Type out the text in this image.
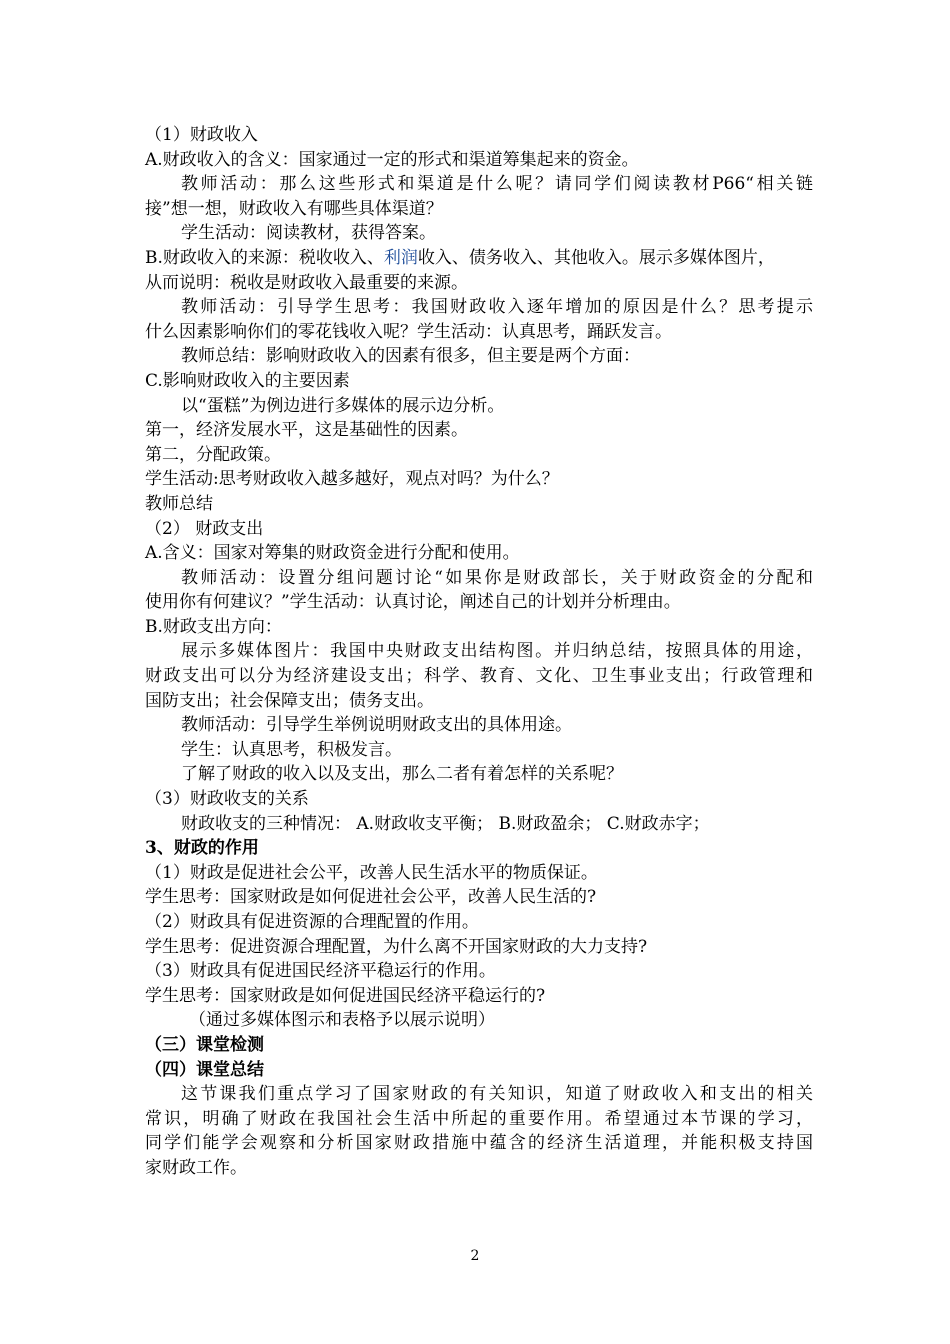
（1）财政收入
A.财政收入的含义：国家通过一定的形式和渠道筹集起来的资金。
教师活动：那么这些形式和渠道是什么呢？请同学们阅读教材P66“相关链
接”想一想，财政收入有哪些具体渠道？
学生活动：阅读教材，获得答案。
B.财政收入的来源：税收收入、利润收入、债务收入、其他收入。展示多媒体图片，
从而说明：税收是财政收入最重要的来源。
教师活动：引导学生思考：我国财政收入逐年增加的原因是什么？思考提示
什么因素影响你们的零花钱收入呢？学生活动：认真思考，踊跃发言。
教师总结：影响财政收入的因素有很多，但主要是两个方面：
C.影响财政收入的主要因素
以“蛋糕”为例边进行多媒体的展示边分析。
第一，经济发展水平，这是基础性的因素。
第二，分配政策。
学生活动:思考财政收入越多越好，观点对吗？为什么？
教师总结
（2） 财政支出
A.含义：国家对筹集的财政资金进行分配和使用。
教师活动：设置分组问题讨论“如果你是财政部长，关于财政资金的分配和
使用你有何建议？”学生活动：认真讨论，阐述自己的计划并分析理由。
B.财政支出方向：
展示多媒体图片：我国中央财政支出结构图。并归纳总结，按照具体的用途，
财政支出可以分为经济建设支出；科学、教育、文化、卫生事业支出；行政管理和
国防支出；社会保障支出；债务支出。
教师活动：引导学生举例说明财政支出的具体用途。
学生：认真思考，积极发言。
了解了财政的收入以及支出，那么二者有着怎样的关系呢？
（3）财政收支的关系
财政收支的三种情况： A.财政收支平衡； B.财政盈余； C.财政赤字；
3、财政的作用
（1）财政是促进社会公平，改善人民生活水平的物质保证。
学生思考：国家财政是如何促进社会公平，改善人民生活的?
（2）财政具有促进资源的合理配置的作用。
学生思考：促进资源合理配置，为什么离不开国家财政的大力支持?
（3）财政具有促进国民经济平稳运行的作用。
学生思考：国家财政是如何促进国民经济平稳运行的?
（通过多媒体图示和表格予以展示说明）
（三）课堂检测
（四）课堂总结
这节课我们重点学习了国家财政的有关知识，知道了财政收入和支出的相关
常识，明确了财政在我国社会生活中所起的重要作用。希望通过本节课的学习，
同学们能学会观察和分析国家财政措施中蕴含的经济生活道理，并能积极支持国
家财政工作。
2
